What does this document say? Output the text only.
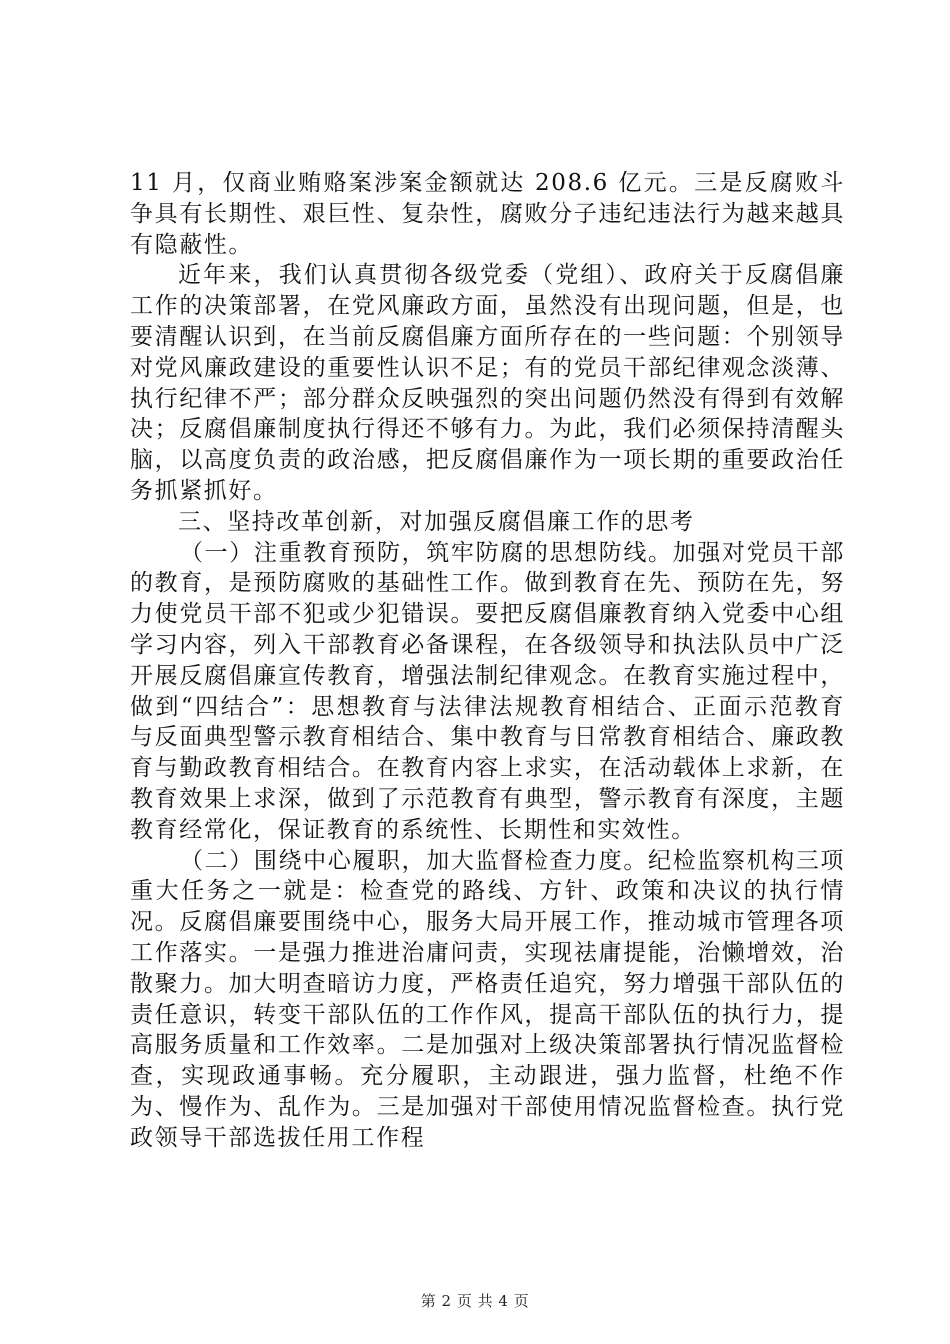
11 月，仅商业贿赂案涉案金额就达 208.6 亿元。三是反腐败斗争具有长期性、艰巨性、复杂性，腐败分子违纪违法行为越来越具有隐蔽性。

近年来，我们认真贯彻各级党委（党组）、政府关于反腐倡廉工作的决策部署，在党风廉政方面，虽然没有出现问题，但是，也要清醒认识到，在当前反腐倡廉方面所存在的一些问题：个别领导对党风廉政建设的重要性认识不足；有的党员干部纪律观念淡薄、执行纪律不严；部分群众反映强烈的突出问题仍然没有得到有效解决；反腐倡廉制度执行得还不够有力。为此，我们必须保持清醒头脑，以高度负责的政治感，把反腐倡廉作为一项长期的重要政治任务抓紧抓好。

三、坚持改革创新，对加强反腐倡廉工作的思考

（一）注重教育预防，筑牢防腐的思想防线。加强对党员干部的教育，是预防腐败的基础性工作。做到教育在先、预防在先，努力使党员干部不犯或少犯错误。要把反腐倡廉教育纳入党委中心组学习内容，列入干部教育必备课程，在各级领导和执法队员中广泛开展反腐倡廉宣传教育，增强法制纪律观念。在教育实施过程中，做到“四结合”：思想教育与法律法规教育相结合、正面示范教育与反面典型警示教育相结合、集中教育与日常教育相结合、廉政教育与勤政教育相结合。在教育内容上求实，在活动载体上求新，在教育效果上求深，做到了示范教育有典型，警示教育有深度，主题教育经常化，保证教育的系统性、长期性和实效性。

（二）围绕中心履职，加大监督检查力度。纪检监察机构三项重大任务之一就是：检查党的路线、方针、政策和决议的执行情况。反腐倡廉要围绕中心，服务大局开展工作，推动城市管理各项工作落实。一是强力推进治庸问责，实现祛庸提能，治懒增效，治散聚力。加大明查暗访力度，严格责任追究，努力增强干部队伍的责任意识，转变干部队伍的工作作风，提高干部队伍的执行力，提高服务质量和工作效率。二是加强对上级决策部署执行情况监督检查，实现政通事畅。充分履职，主动跟进，强力监督，杜绝不作为、慢作为、乱作为。三是加强对干部使用情况监督检查。执行党政领导干部选拔任用工作程

第 2 页 共 4 页
